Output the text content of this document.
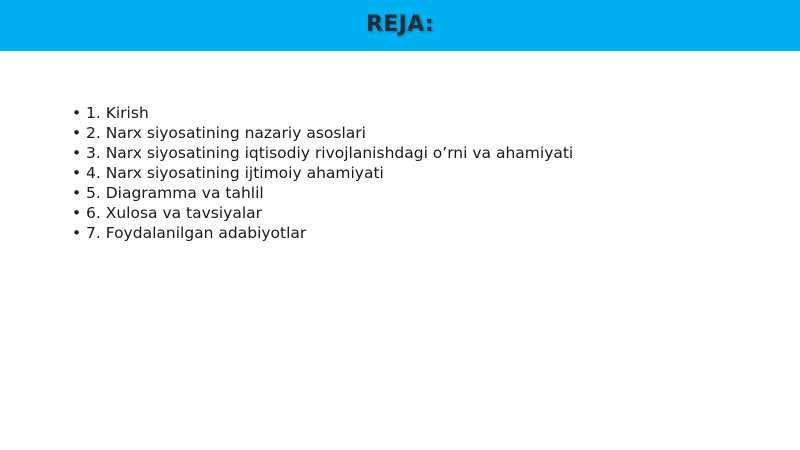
REJA:
• 1. Kirish
• 2. Narx siyosatining nazariy asoslari
• 3. Narx siyosatining iqtisodiy rivojlanishdagi o’rni va ahamiyati
• 4. Narx siyosatining ijtimoiy ahamiyati
• 5. Diagramma va tahlil
• 6. Xulosa va tavsiyalar
• 7. Foydalanilgan adabiyotlar
